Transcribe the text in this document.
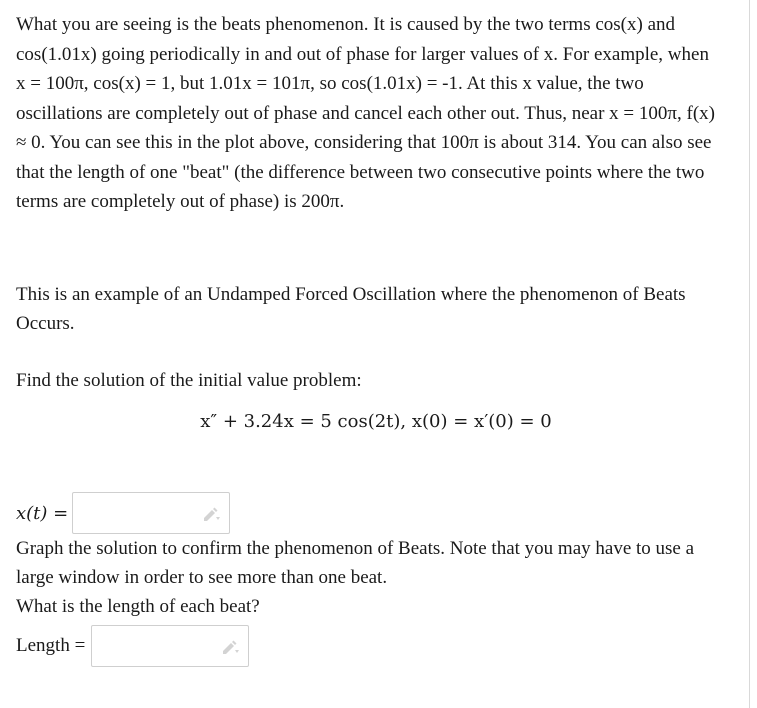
What you are seeing is the beats phenomenon. It is caused by the two terms cos(x) and cos(1.01x) going periodically in and out of phase for larger values of x. For example, when x = 100π, cos(x) = 1, but 1.01x = 101π, so cos(1.01x) = -1. At this x value, the two oscillations are completely out of phase and cancel each other out. Thus, near x = 100π, f(x) ≈ 0. You can see this in the plot above, considering that 100π is about 314. You can also see that the length of one "beat" (the difference between two consecutive points where the two terms are completely out of phase) is 200π.

This is an example of an Undamped Forced Oscillation where the phenomenon of Beats Occurs.

Find the solution of the initial value problem:

x″ + 3.24x = 5 cos(2t), x(0) = x′(0) = 0
x(t) =

Graph the solution to confirm the phenomenon of Beats. Note that you may have to use a large window in order to see more than one beat.

What is the length of each beat?

Length =
